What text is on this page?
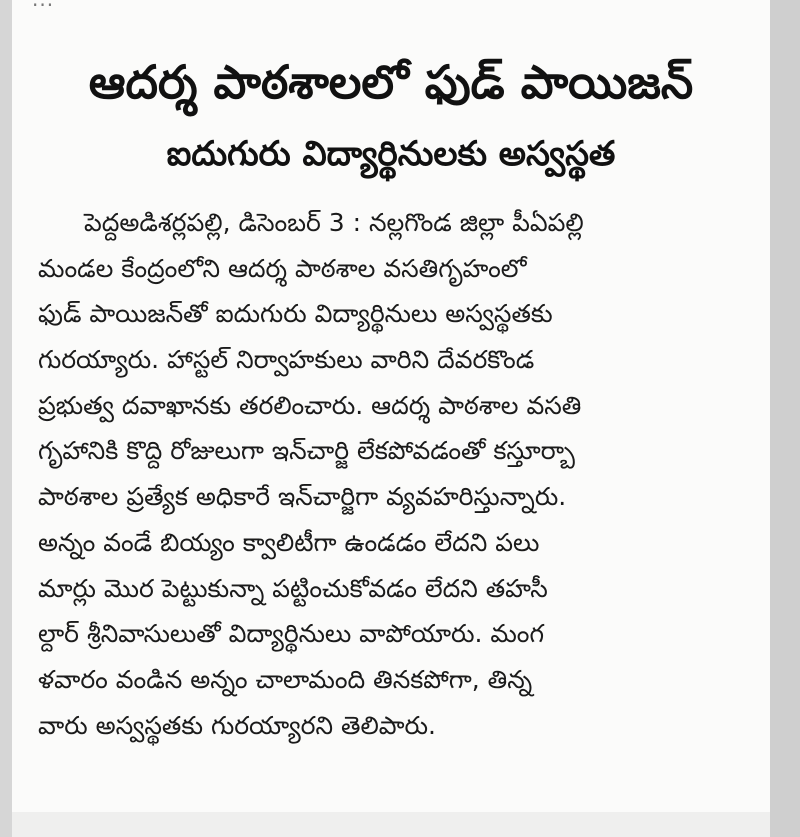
ఆదర్శ పాఠశాలలో ఫుడ్ పాయిజన్
ఐదుగురు విద్యార్థినులకు అస్వస్థత
పెద్దఅడిశర్లపల్లి, డిసెంబర్ 3 : నల్లగొండ జిల్లా పీఏపల్లి
మండల కేంద్రంలోని ఆదర్శ పాఠశాల వసతిగృహంలో
ఫుడ్ పాయిజన్‌తో ఐదుగురు విద్యార్థినులు అస్వస్థతకు
గురయ్యారు. హాస్టల్ నిర్వాహకులు వారిని దేవరకొండ
ప్రభుత్వ దవాఖానకు తరలించారు. ఆదర్శ పాఠశాల వసతి
గృహానికి కొద్ది రోజులుగా ఇన్‌చార్జి లేకపోవడంతో కస్తూర్బా
పాఠశాల ప్రత్యేక అధికారే ఇన్‌చార్జిగా వ్యవహరిస్తున్నారు.
అన్నం వండే బియ్యం క్వాలిటీగా ఉండడం లేదని పలు
మార్లు మొర పెట్టుకున్నా పట్టించుకోవడం లేదని తహసీ
ల్దార్ శ్రీనివాసులుతో విద్యార్థినులు వాపోయారు. మంగ
ళవారం వండిన అన్నం చాలామంది తినకపోగా, తిన్న
వారు అస్వస్థతకు గురయ్యారని తెలిపారు.
